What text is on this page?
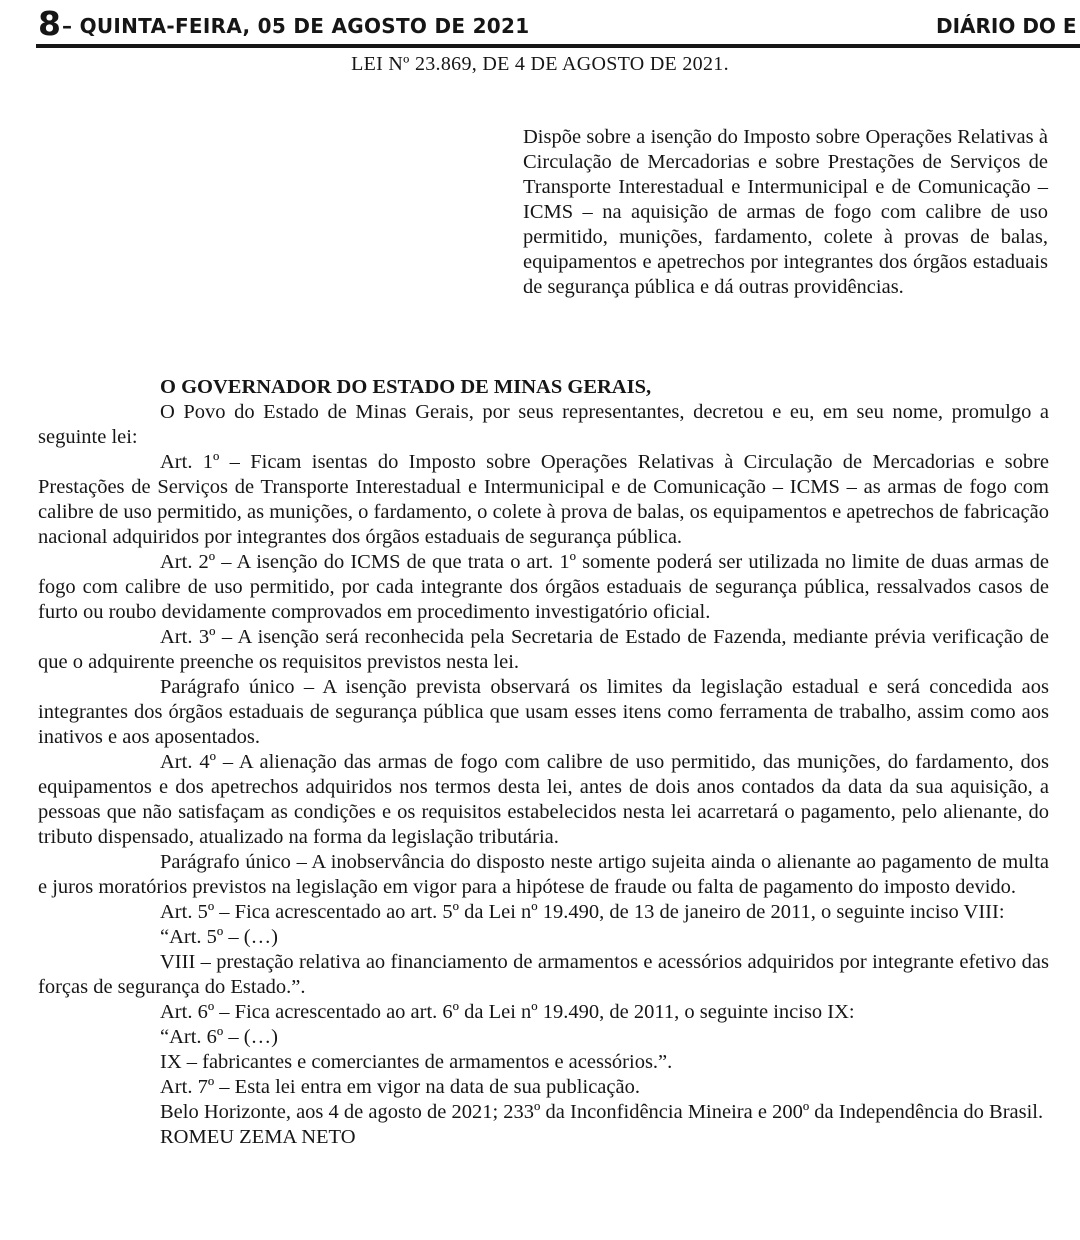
8 – QUINTA-FEIRA, 05 DE AGOSTO DE 2021	DIÁRIO DO E
LEI Nº 23.869, DE 4 DE AGOSTO DE 2021.
Dispõe sobre a isenção do Imposto sobre Operações Relativas à Circulação de Mercadorias e sobre Prestações de Serviços de Transporte Interestadual e Intermunicipal e de Comunicação – ICMS – na aquisição de armas de fogo com calibre de uso permitido, munições, fardamento, colete à provas de balas, equipamentos e apetrechos por integrantes dos órgãos estaduais de segurança pública e dá outras providências.

O GOVERNADOR DO ESTADO DE MINAS GERAIS,

O Povo do Estado de Minas Gerais, por seus representantes, decretou e eu, em seu nome, promulgo a seguinte lei:

Art. 1º – Ficam isentas do Imposto sobre Operações Relativas à Circulação de Mercadorias e sobre Prestações de Serviços de Transporte Interestadual e Intermunicipal e de Comunicação – ICMS – as armas de fogo com calibre de uso permitido, as munições, o fardamento, o colete à prova de balas, os equipamentos e apetrechos de fabricação nacional adquiridos por integrantes dos órgãos estaduais de segurança pública.

Art. 2º – A isenção do ICMS de que trata o art. 1º somente poderá ser utilizada no limite de duas armas de fogo com calibre de uso permitido, por cada integrante dos órgãos estaduais de segurança pública, ressalvados casos de furto ou roubo devidamente comprovados em procedimento investigatório oficial.

Art. 3º – A isenção será reconhecida pela Secretaria de Estado de Fazenda, mediante prévia verificação de que o adquirente preenche os requisitos previstos nesta lei.

Parágrafo único – A isenção prevista observará os limites da legislação estadual e será concedida aos integrantes dos órgãos estaduais de segurança pública que usam esses itens como ferramenta de trabalho, assim como aos inativos e aos aposentados.

Art. 4º – A alienação das armas de fogo com calibre de uso permitido, das munições, do fardamento, dos equipamentos e dos apetrechos adquiridos nos termos desta lei, antes de dois anos contados da data da sua aquisição, a pessoas que não satisfaçam as condições e os requisitos estabelecidos nesta lei acarretará o pagamento, pelo alienante, do tributo dispensado, atualizado na forma da legislação tributária.

Parágrafo único – A inobservância do disposto neste artigo sujeita ainda o alienante ao pagamento de multa e juros moratórios previstos na legislação em vigor para a hipótese de fraude ou falta de pagamento do imposto devido.

Art. 5º – Fica acrescentado ao art. 5º da Lei nº 19.490, de 13 de janeiro de 2011, o seguinte inciso VIII:

“Art. 5º – (…)

VIII – prestação relativa ao financiamento de armamentos e acessórios adquiridos por integrante efetivo das forças de segurança do Estado.”.

Art. 6º – Fica acrescentado ao art. 6º da Lei nº 19.490, de 2011, o seguinte inciso IX:

“Art. 6º – (…)

IX – fabricantes e comerciantes de armamentos e acessórios.”.

Art. 7º – Esta lei entra em vigor na data de sua publicação.

Belo Horizonte, aos 4 de agosto de 2021; 233º da Inconfidência Mineira e 200º da Independência do Brasil.

ROMEU ZEMA NETO
